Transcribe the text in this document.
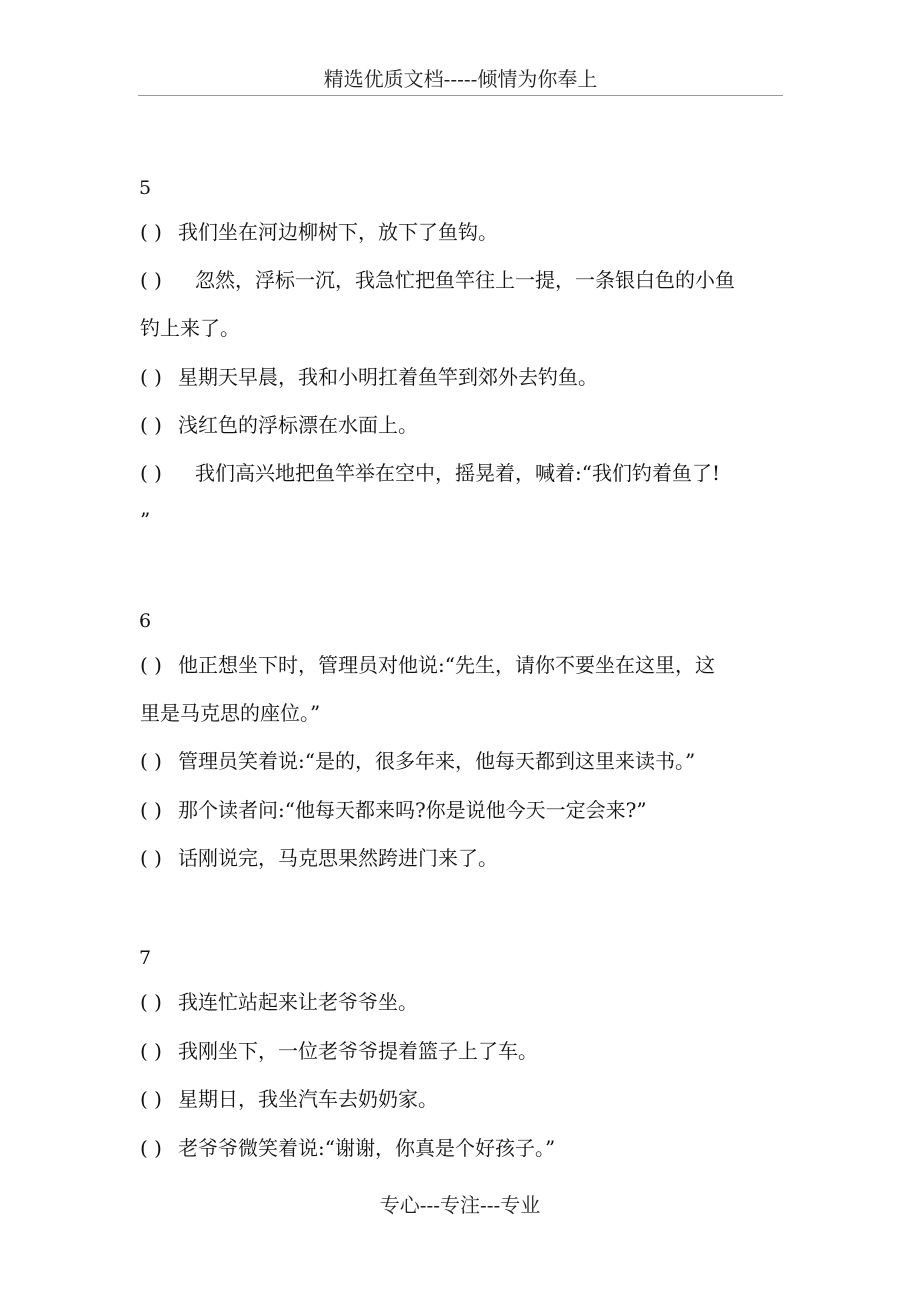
精选优质文档-----倾情为你奉上
5
( ) 我们坐在河边柳树下，放下了鱼钩。
( ) 忽然，浮标一沉，我急忙把鱼竿往上一提，一条银白色的小鱼
钓上来了。
( ) 星期天早晨，我和小明扛着鱼竿到郊外去钓鱼。
( ) 浅红色的浮标漂在水面上。
( ) 我们高兴地把鱼竿举在空中，摇晃着，喊着:“我们钓着鱼了!
”
6
( ) 他正想坐下时，管理员对他说:“先生，请你不要坐在这里，这
里是马克思的座位。”
( ) 管理员笑着说:“是的，很多年来，他每天都到这里来读书。”
( ) 那个读者问:“他每天都来吗?你是说他今天一定会来?”
( ) 话刚说完，马克思果然跨进门来了。
7
( ) 我连忙站起来让老爷爷坐。
( ) 我刚坐下，一位老爷爷提着篮子上了车。
( ) 星期日，我坐汽车去奶奶家。
( ) 老爷爷微笑着说:“谢谢，你真是个好孩子。”
专心---专注---专业
